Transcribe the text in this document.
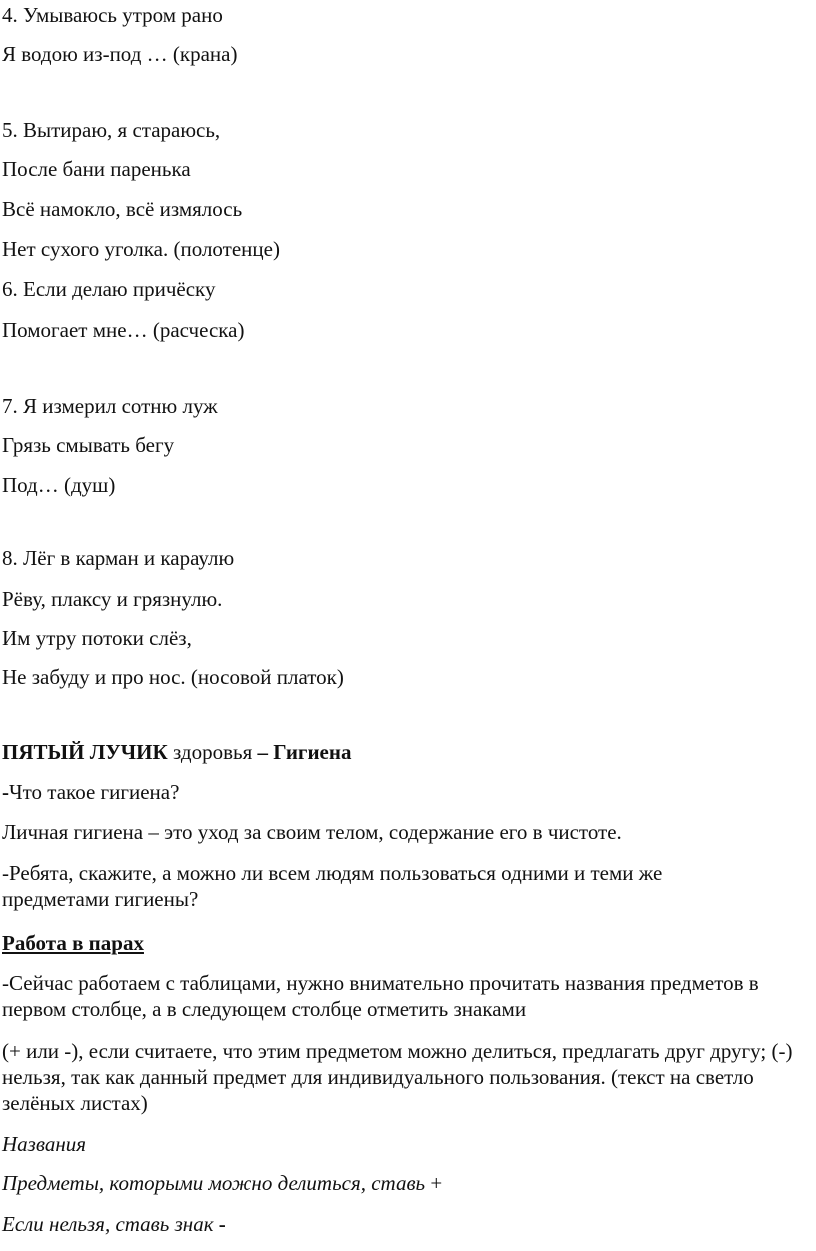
4. Умываюсь утром рано
Я водою из-под … (крана)
5. Вытираю, я стараюсь,
После бани паренька
Всё намокло, всё измялось
Нет сухого уголка. (полотенце)
6. Если делаю причёску
Помогает мне… (расческа)
7. Я измерил сотню луж
Грязь смывать бегу
Под… (душ)
8. Лёг в карман и караулю
Рёву, плаксу и грязнулю.
Им утру потоки слёз,
Не забуду и про нос. (носовой платок)
ПЯТЫЙ ЛУЧИК здоровья – Гигиена
-Что такое гигиена?
Личная гигиена – это уход за своим телом, содержание его в чистоте.
-Ребята, скажите, а можно ли всем людям пользоваться одними и теми же предметами гигиены?
Работа в парах
-Сейчас работаем с таблицами, нужно внимательно прочитать названия предметов в первом столбце, а в следующем столбце отметить знаками
(+ или -), если считаете, что этим предметом можно делиться, предлагать друг другу; (-) нельзя, так как данный предмет для индивидуального пользования. (текст на светло зелёных листах)
Названия
Предметы, которыми можно делиться, ставь +
Если нельзя, ставь знак -
